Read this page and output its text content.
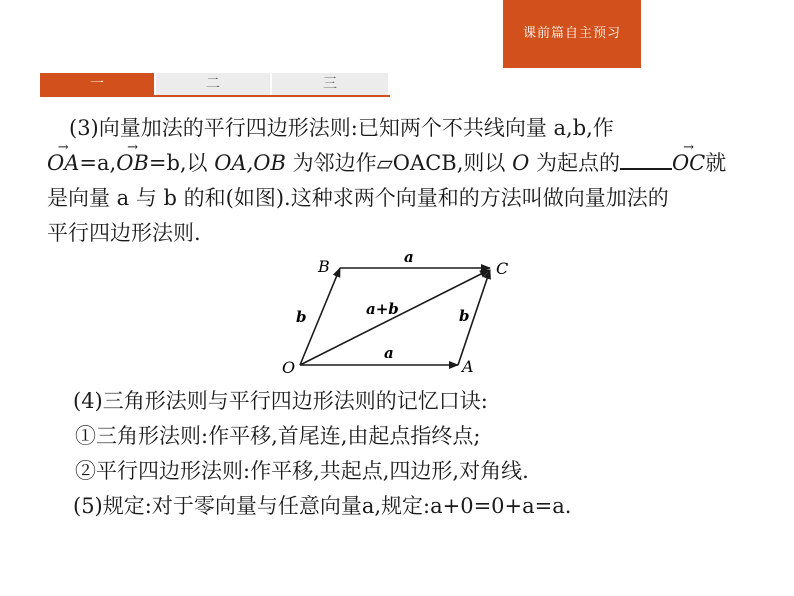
课前篇自主预习
一	二	三
(3)向量加法的平行四边形法则:已知两个不共线向量 a,b,作
→ OA=a,→ OB=b,以 OA,OB 为邻边作▱OACB,则以 O 为起点的→ OC就
是向量 a 与 b 的和(如图).这种求两个向量和的方法叫做向量加法的
平行四边形法则.
O	A
B	C
a
a
b	b
a+b
(4)三角形法则与平行四边形法则的记忆口诀:
①三角形法则:作平移,首尾连,由起点指终点;
②平行四边形法则:作平移,共起点,四边形,对角线.
(5)规定:对于零向量与任意向量a,规定:a+0=0+a=a.
